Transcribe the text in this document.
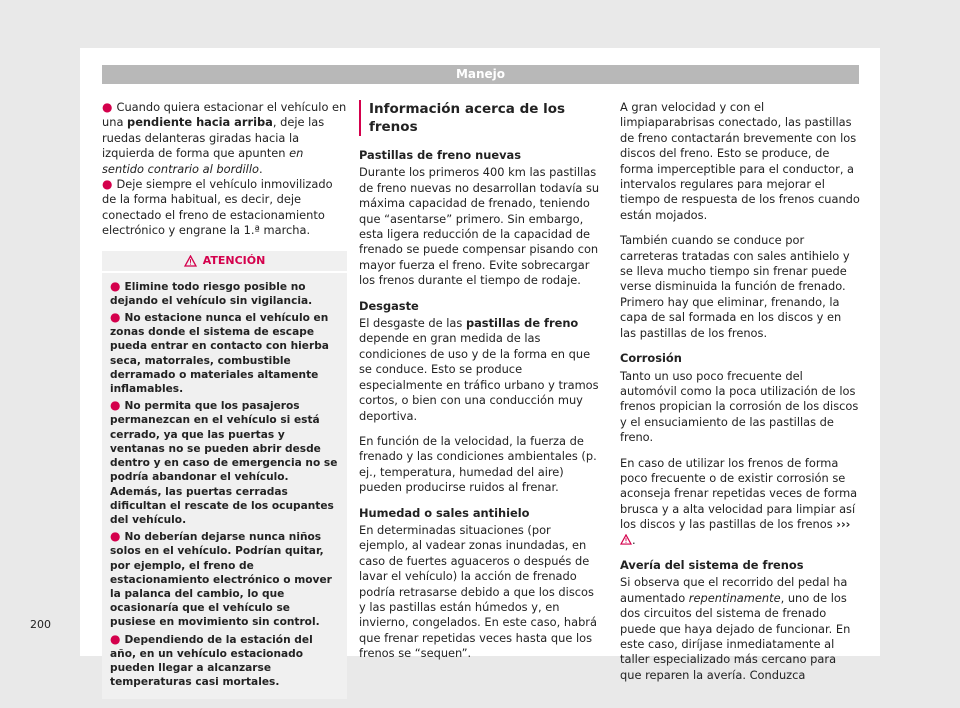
Manejo

● Cuando quiera estacionar el vehículo en una pendiente hacia arriba, deje las ruedas delanteras giradas hacia la izquierda de forma que apunten en sentido contrario al bordillo.

● Deje siempre el vehículo inmovilizado de la forma habitual, es decir, deje conectado el freno de estacionamiento electrónico y engrane la 1.ª marcha.

ATENCIÓN
● Elimine todo riesgo posible no dejando el vehículo sin vigilancia.
● No estacione nunca el vehículo en zonas donde el sistema de escape pueda entrar en contacto con hierba seca, matorrales, combustible derramado o materiales altamente inflamables.
● No permita que los pasajeros permanezcan en el vehículo si está cerrado, ya que las puertas y ventanas no se pueden abrir desde dentro y en caso de emergencia no se podría abandonar el vehículo. Además, las puertas cerradas dificultan el rescate de los ocupantes del vehículo.
● No deberían dejarse nunca niños solos en el vehículo. Podrían quitar, por ejemplo, el freno de estacionamiento electrónico o mover la palanca del cambio, lo que ocasionaría que el vehículo se pusiese en movimiento sin control.
● Dependiendo de la estación del año, en un vehículo estacionado pueden llegar a alcanzarse temperaturas casi mortales.
Información acerca de los frenos
Pastillas de freno nuevas

Durante los primeros 400 km las pastillas de freno nuevas no desarrollan todavía su máxima capacidad de frenado, teniendo que “asentarse” primero. Sin embargo, esta ligera reducción de la capacidad de frenado se puede compensar pisando con mayor fuerza el freno. Evite sobrecargar los frenos durante el tiempo de rodaje.

Desgaste

El desgaste de las pastillas de freno depende en gran medida de las condiciones de uso y de la forma en que se conduce. Esto se produce especialmente en tráfico urbano y tramos cortos, o bien con una conducción muy deportiva.

En función de la velocidad, la fuerza de frenado y las condiciones ambientales (p. ej., temperatura, humedad del aire) pueden producirse ruidos al frenar.

Humedad o sales antihielo

En determinadas situaciones (por ejemplo, al vadear zonas inundadas, en caso de fuertes aguaceros o después de lavar el vehículo) la acción de frenado podría retrasarse debido a que los discos y las pastillas están húmedos y, en invierno, congelados. En este caso, habrá que frenar repetidas veces hasta que los frenos se “sequen”.

A gran velocidad y con el limpiaparabrisas conectado, las pastillas de freno contactarán brevemente con los discos del freno. Esto se produce, de forma imperceptible para el conductor, a intervalos regulares para mejorar el tiempo de respuesta de los frenos cuando están mojados.

También cuando se conduce por carreteras tratadas con sales antihielo y se lleva mucho tiempo sin frenar puede verse disminuida la función de frenado. Primero hay que eliminar, frenando, la capa de sal formada en los discos y en las pastillas de los frenos.

Corrosión

Tanto un uso poco frecuente del automóvil como la poca utilización de los frenos propician la corrosión de los discos y el ensuciamiento de las pastillas de freno.

En caso de utilizar los frenos de forma poco frecuente o de existir corrosión se aconseja frenar repetidas veces de forma brusca y a alta velocidad para limpiar así los discos y las pastillas de los frenos ››› .

Avería del sistema de frenos

Si observa que el recorrido del pedal ha aumentado repentinamente, uno de los dos circuitos del sistema de frenado puede que haya dejado de funcionar. En este caso, diríjase inmediatamente al taller especializado más cercano para que reparen la avería. Conduzca

200
